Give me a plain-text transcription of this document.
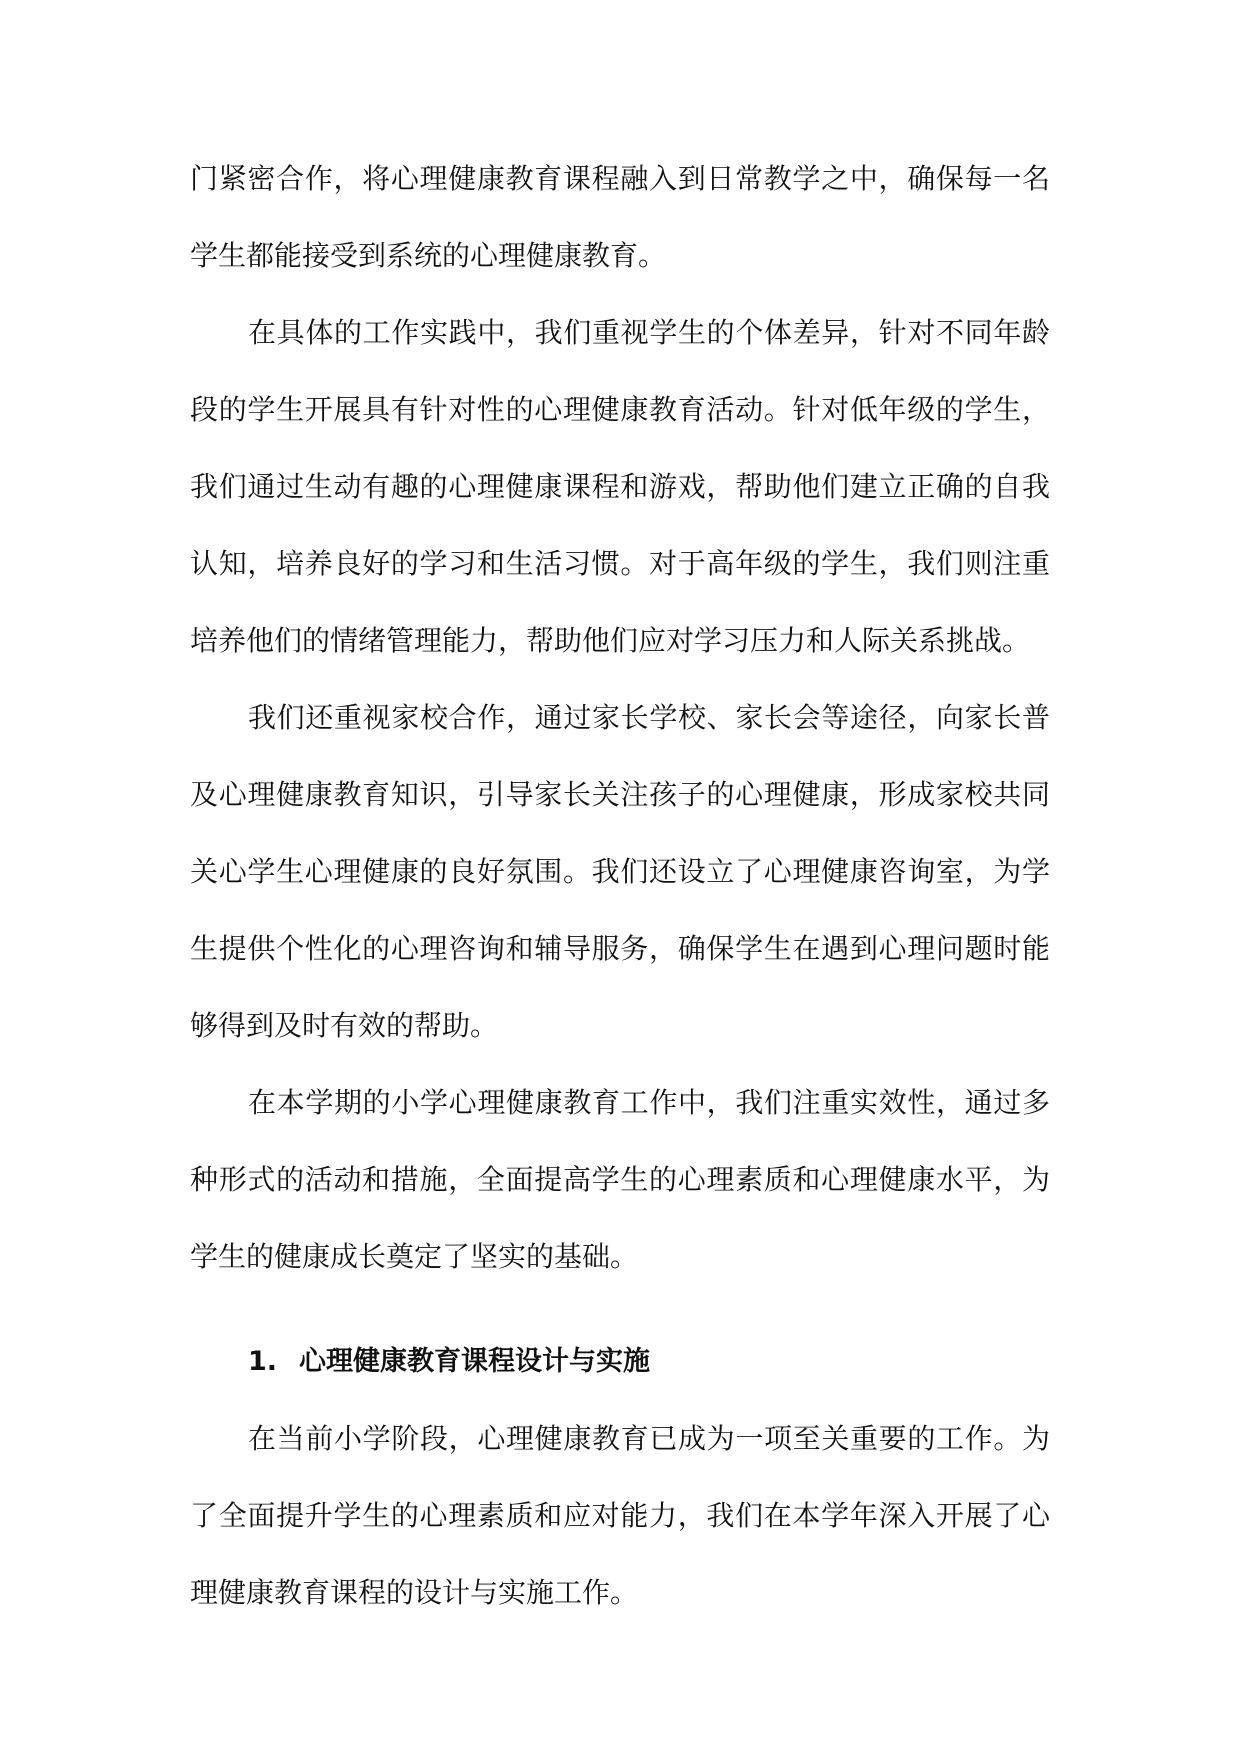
门紧密合作，将心理健康教育课程融入到日常教学之中，确保每一名学生都能接受到系统的心理健康教育。

在具体的工作实践中，我们重视学生的个体差异，针对不同年龄段的学生开展具有针对性的心理健康教育活动。针对低年级的学生，我们通过生动有趣的心理健康课程和游戏，帮助他们建立正确的自我认知，培养良好的学习和生活习惯。对于高年级的学生，我们则注重培养他们的情绪管理能力，帮助他们应对学习压力和人际关系挑战。

我们还重视家校合作，通过家长学校、家长会等途径，向家长普及心理健康教育知识，引导家长关注孩子的心理健康，形成家校共同关心学生心理健康的良好氛围。我们还设立了心理健康咨询室，为学生提供个性化的心理咨询和辅导服务，确保学生在遇到心理问题时能够得到及时有效的帮助。

在本学期的小学心理健康教育工作中，我们注重实效性，通过多种形式的活动和措施，全面提高学生的心理素质和心理健康水平，为学生的健康成长奠定了坚实的基础。

1. 心理健康教育课程设计与实施

在当前小学阶段，心理健康教育已成为一项至关重要的工作。为了全面提升学生的心理素质和应对能力，我们在本学年深入开展了心理健康教育课程的设计与实施工作。
